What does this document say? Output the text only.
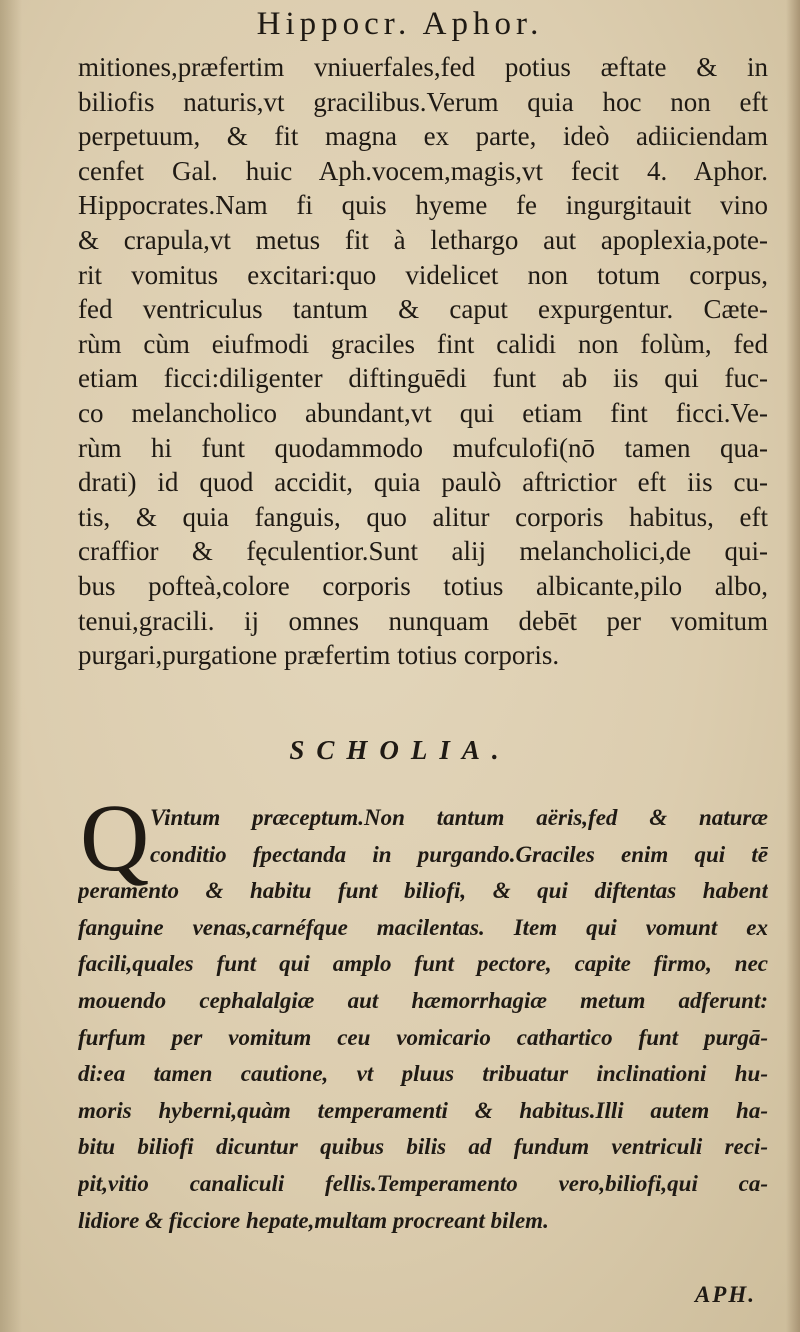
Hippocr. Aphor.
mitiones,præfertim vniuerfales,fed potius æftate & in
biliofis naturis,vt gracilibus.Verum quia hoc non eft
perpetuum, & fit magna ex parte, ideò adiiciendam
cenfet Gal. huic Aph.vocem,magis,vt fecit 4. Aphor.
Hippocrates.Nam fi quis hyeme fe ingurgitauit vino
& crapula,vt metus fit à lethargo aut apoplexia,pote-
rit vomitus excitari:quo videlicet non totum corpus,
fed ventriculus tantum & caput expurgentur. Cæte-
rùm cùm eiufmodi graciles fint calidi non folùm, fed
etiam ficci:diligenter diftinguēdi funt ab iis qui fuc-
co melancholico abundant,vt qui etiam fint ficci.Ve-
rùm hi funt quodammodo mufculofi(nō tamen qua-
drati) id quod accidit, quia paulò aftrictior eft iis cu-
tis, & quia fanguis, quo alitur corporis habitus, eft
craffior & fęculentior.Sunt alij melancholici,de qui-
bus pofteà,colore corporis totius albicante,pilo albo,
tenui,gracili. ij omnes nunquam debēt per vomitum
purgari,purgatione præfertim totius corporis.
SCHOLIA.
Q Vintum præceptum.Non tantum aëris,fed & naturæ
conditio fpectanda in purgando.Graciles enim qui tē
peramento & habitu funt biliofi, & qui diftentas habent
fanguine venas,carnéfque macilentas. Item qui vomunt ex
facili,quales funt qui amplo funt pectore, capite firmo, nec
mouendo cephalalgiæ aut hæmorrhagiæ metum adferunt:
furfum per vomitum ceu vomicario cathartico funt purgā-
di:ea tamen cautione, vt pluus tribuatur inclinationi hu-
moris hyberni,quàm temperamenti & habitus.Illi autem ha-
bitu biliofi dicuntur quibus bilis ad fundum ventriculi reci-
pit,vitio canaliculi fellis.Temperamento vero,biliofi,qui ca-
lidiore & ficciore hepate,multam procreant bilem.
APH.
